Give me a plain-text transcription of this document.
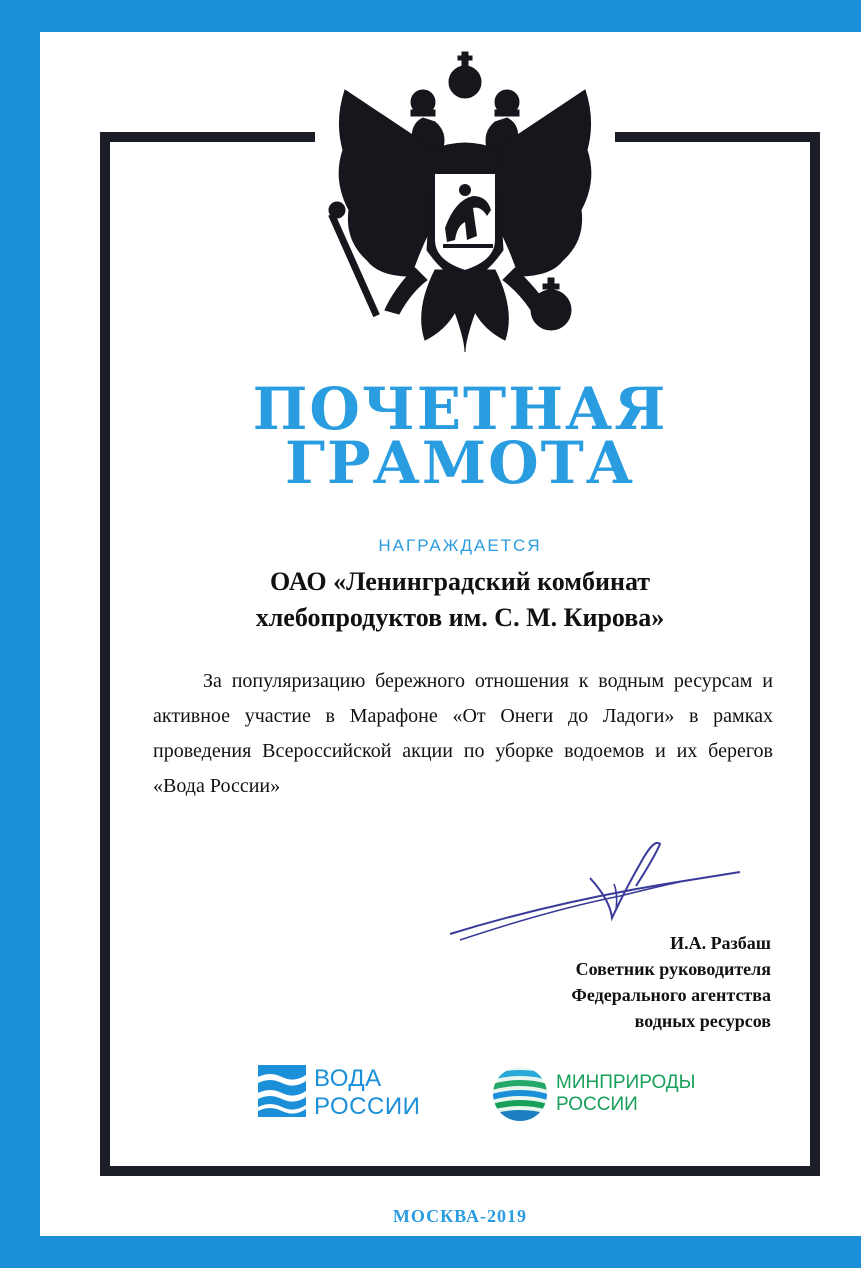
ПОЧЕТНАЯ
ГРАМОТА
НАГРАЖДАЕТСЯ
ОАО «Ленинградский комбинат
хлебопродуктов им. С. М. Кирова»
За популяризацию бережного отношения к водным ресурсам и активное участие в Марафоне «От Онеги до Ладоги» в рамках проведения Всероссийской акции по уборке водоемов и их берегов «Вода России»
И.А. Разбаш
Советник руководителя
Федерального агентства
водных ресурсов
ВОДА
РОССИИ
МИНПРИРОДЫ
РОССИИ
МОСКВА-2019
